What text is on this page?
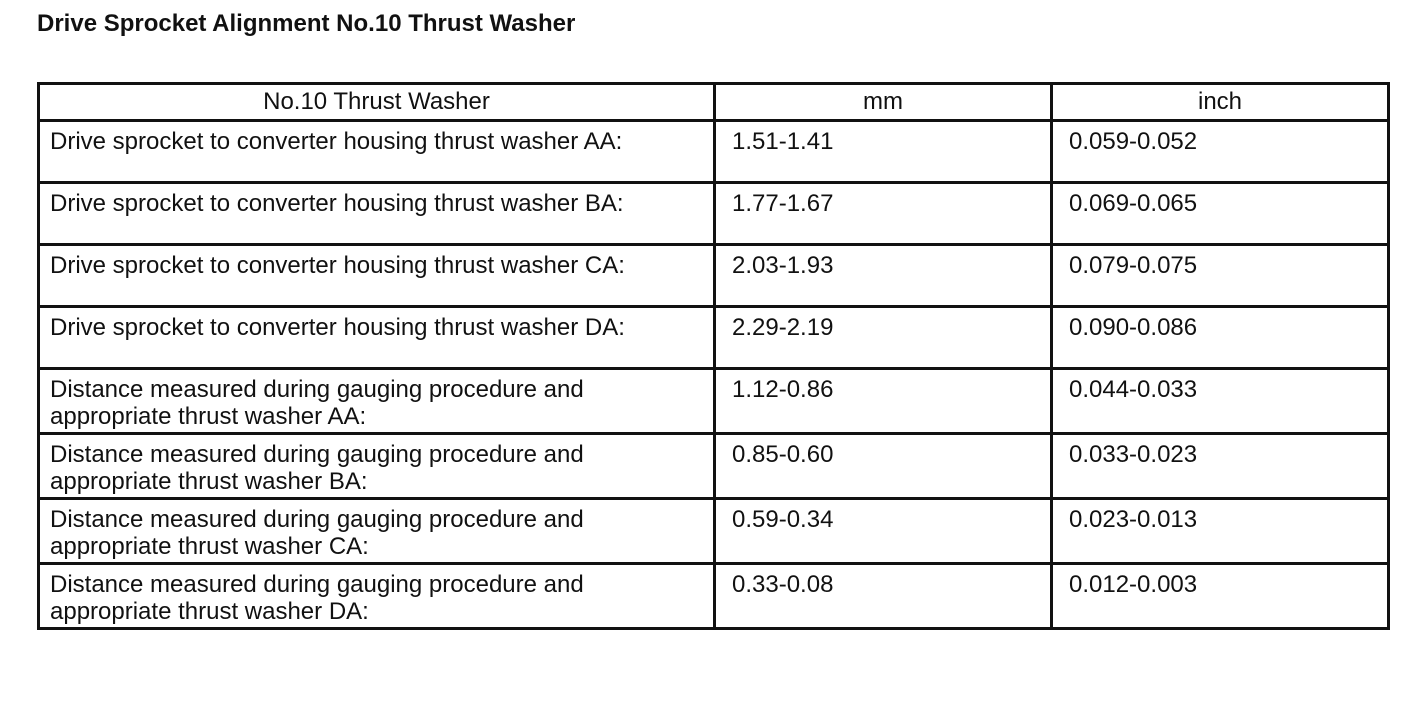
Drive Sprocket Alignment No.10 Thrust Washer
No.10 Thrust Washer	mm	inch
Drive sprocket to converter housing thrust washer AA:	1.51-1.41	0.059-0.052
Drive sprocket to converter housing thrust washer BA:	1.77-1.67	0.069-0.065
Drive sprocket to converter housing thrust washer CA:	2.03-1.93	0.079-0.075
Drive sprocket to converter housing thrust washer DA:	2.29-2.19	0.090-0.086
Distance measured during gauging procedure and appropriate thrust washer AA:	1.12-0.86	0.044-0.033
Distance measured during gauging procedure and appropriate thrust washer BA:	0.85-0.60	0.033-0.023
Distance measured during gauging procedure and appropriate thrust washer CA:	0.59-0.34	0.023-0.013
Distance measured during gauging procedure and appropriate thrust washer DA:	0.33-0.08	0.012-0.003
